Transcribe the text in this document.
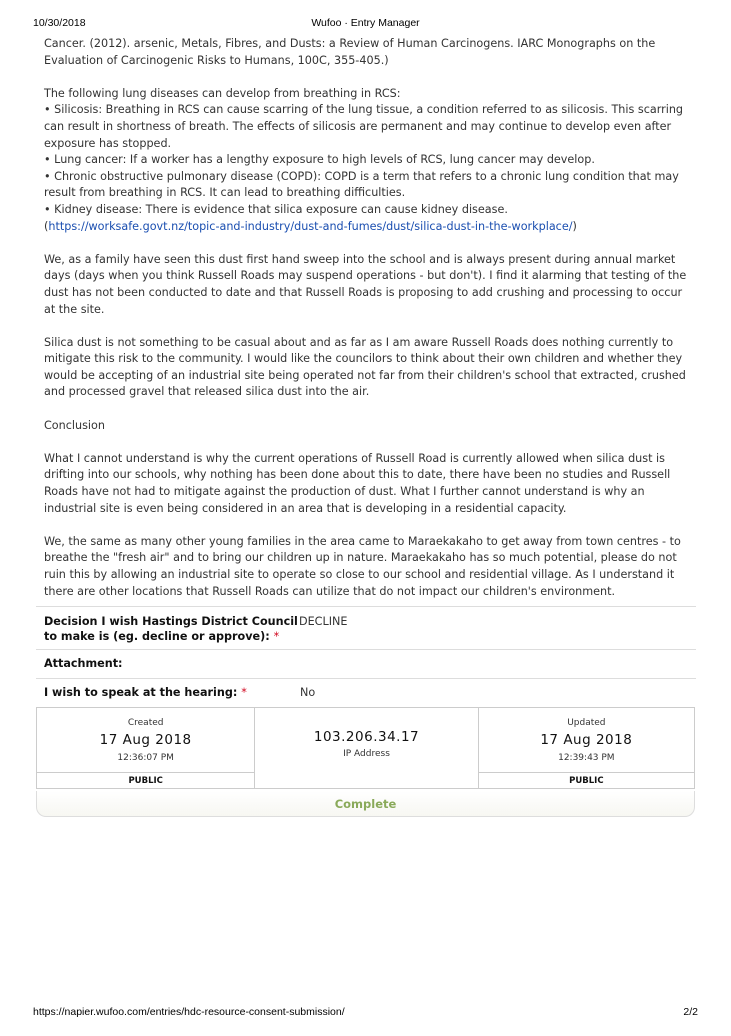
10/30/2018	Wufoo · Entry Manager

Cancer. (2012). arsenic, Metals, Fibres, and Dusts: a Review of Human Carcinogens. IARC Monographs on the Evaluation of Carcinogenic Risks to Humans, 100C, 355-405.)

The following lung diseases can develop from breathing in RCS:
• Silicosis: Breathing in RCS can cause scarring of the lung tissue, a condition referred to as silicosis. This scarring can result in shortness of breath. The effects of silicosis are permanent and may continue to develop even after exposure has stopped.
• Lung cancer: If a worker has a lengthy exposure to high levels of RCS, lung cancer may develop.
• Chronic obstructive pulmonary disease (COPD): COPD is a term that refers to a chronic lung condition that may result from breathing in RCS. It can lead to breathing difficulties.
• Kidney disease: There is evidence that silica exposure can cause kidney disease.
(https://worksafe.govt.nz/topic-and-industry/dust-and-fumes/dust/silica-dust-in-the-workplace/)

We, as a family have seen this dust first hand sweep into the school and is always present during annual market days (days when you think Russell Roads may suspend operations - but don't). I find it alarming that testing of the dust has not been conducted to date and that Russell Roads is proposing to add crushing and processing to occur at the site.

Silica dust is not something to be casual about and as far as I am aware Russell Roads does nothing currently to mitigate this risk to the community. I would like the councilors to think about their own children and whether they would be accepting of an industrial site being operated not far from their children's school that extracted, crushed and processed gravel that released silica dust into the air.

Conclusion

What I cannot understand is why the current operations of Russell Road is currently allowed when silica dust is drifting into our schools, why nothing has been done about this to date, there have been no studies and Russell Roads have not had to mitigate against the production of dust. What I further cannot understand is why an industrial site is even being considered in an area that is developing in a residential capacity.

We, the same as many other young families in the area came to Maraekakaho to get away from town centres - to breathe the "fresh air" and to bring our children up in nature. Maraekakaho has so much potential, please do not ruin this by allowing an industrial site to operate so close to our school and residential village. As I understand it there are other locations that Russell Roads can utilize that do not impact our children's environment.

Decision I wish Hastings District Council to make is (eg. decline or approve): *
DECLINE
Attachment:
I wish to speak at the hearing: *	No
Created
17 Aug 2018
12:36:07 PM
PUBLIC
103.206.34.17
IP Address
Updated
17 Aug 2018
12:39:43 PM
PUBLIC
Complete
https://napier.wufoo.com/entries/hdc-resource-consent-submission/	2/2
